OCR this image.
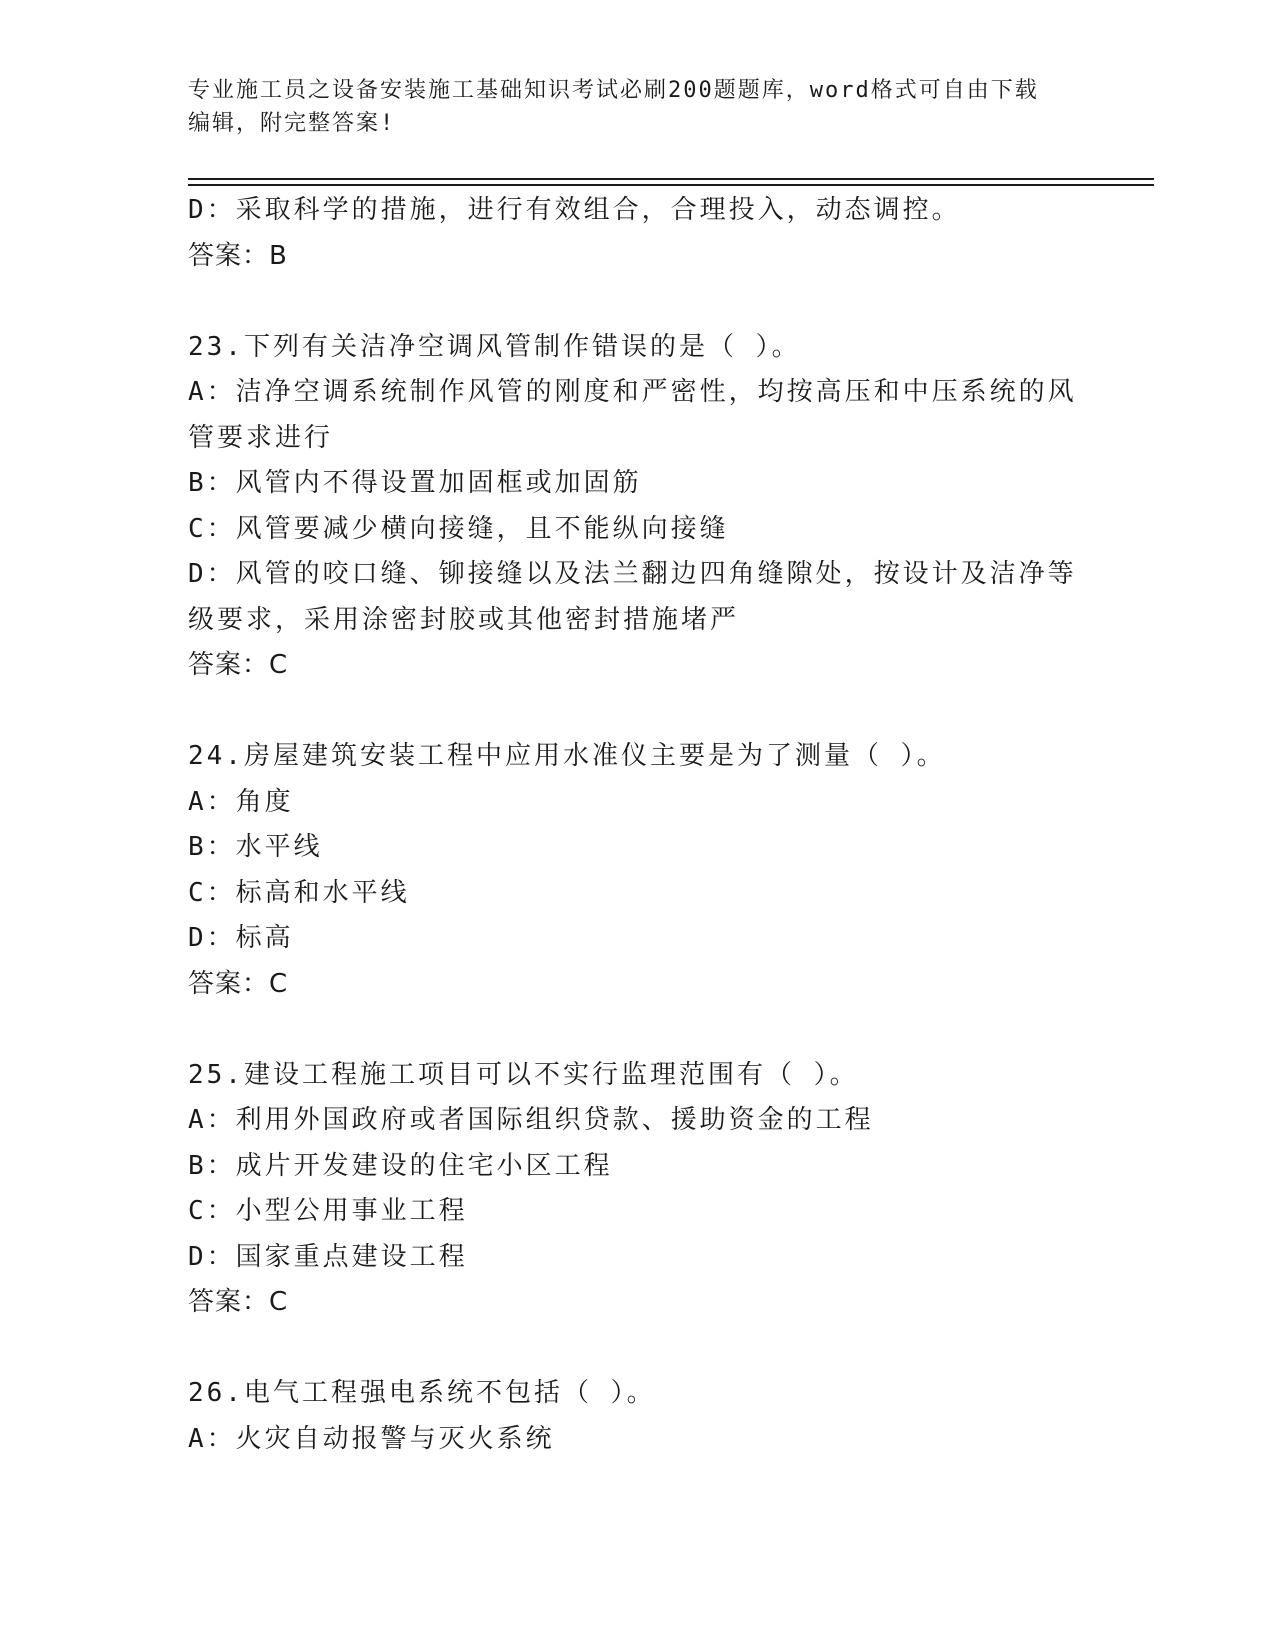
专业施工员之设备安装施工基础知识考试必刷200题题库，word格式可自由下载
编辑，附完整答案!
D：采取科学的措施，进行有效组合，合理投入，动态调控。
答案：B
23.下列有关洁净空调风管制作错误的是（ ）。
A：洁净空调系统制作风管的刚度和严密性，均按高压和中压系统的风
管要求进行
B：风管内不得设置加固框或加固筋
C：风管要减少横向接缝，且不能纵向接缝
D：风管的咬口缝、铆接缝以及法兰翻边四角缝隙处，按设计及洁净等
级要求，采用涂密封胶或其他密封措施堵严
答案：C
24.房屋建筑安装工程中应用水准仪主要是为了测量（ ）。
A：角度
B：水平线
C：标高和水平线
D：标高
答案：C
25.建设工程施工项目可以不实行监理范围有（ ）。
A：利用外国政府或者国际组织贷款、援助资金的工程
B：成片开发建设的住宅小区工程
C：小型公用事业工程
D：国家重点建设工程
答案：C
26.电气工程强电系统不包括（ ）。
A：火灾自动报警与灭火系统
